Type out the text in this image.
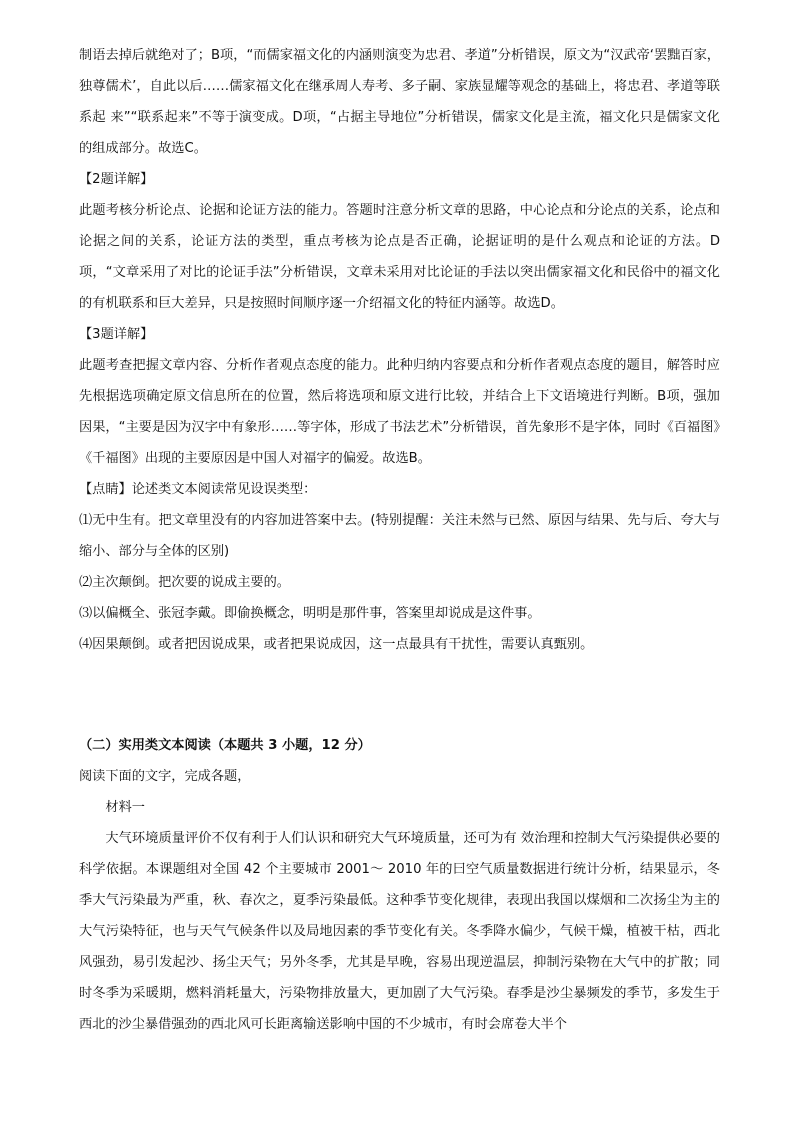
制语去掉后就绝对了；B项，“而儒家福文化的内涵则演变为忠君、孝道”分析错误，原文为“汉武帝‘罢黜百家，独尊儒术’，自此以后……儒家福文化在继承周人寿考、多子嗣、家族显耀等观念的基础上，将忠君、孝道等联系起 来”“联系起来”不等于演变成。D项，“占据主导地位”分析错误，儒家文化是主流，福文化只是儒家文化的组成部分。故选C。

【2题详解】

此题考核分析论点、论据和论证方法的能力。答题时注意分析文章的思路，中心论点和分论点的关系，论点和论据之间的关系，论证方法的类型，重点考核为论点是否正确，论据证明的是什么观点和论证的方法。D项，“文章采用了对比的论证手法”分析错误，文章未采用对比论证的手法以突出儒家福文化和民俗中的福文化的有机联系和巨大差异，只是按照时间顺序逐一介绍福文化的特征内涵等。故选D。

【3题详解】

此题考查把握文章内容、分析作者观点态度的能力。此种归纳内容要点和分析作者观点态度的题目，解答时应先根据选项确定原文信息所在的位置，然后将选项和原文进行比较，并结合上下文语境进行判断。B项，强加因果，“主要是因为汉字中有象形……等字体，形成了书法艺术”分析错误，首先象形不是字体，同时《百福图》《千福图》出现的主要原因是中国人对福字的偏爱。故选B。

【点睛】论述类文本阅读常见设误类型：

⑴无中生有。把文章里没有的内容加进答案中去。(特别提醒：关注未然与已然、原因与结果、先与后、夸大与缩小、部分与全体的区别)

⑵主次颠倒。把次要的说成主要的。

⑶以偏概全、张冠李戴。即偷换概念，明明是那件事，答案里却说成是这件事。

⑷因果颠倒。或者把因说成果，或者把果说成因，这一点最具有干扰性，需要认真甄别。

（二）实用类文本阅读（本题共 3 小题，12 分）

阅读下面的文字，完成各题，

材料一

大气环境质量评价不仅有利于人们认识和研究大气环境质量，还可为有 效治理和控制大气污染提供必要的科学依据。本课题组对全国 42 个主要城市 2001～ 2010 年的曰空气质量数据进行统计分析，结果显示，冬季大气污染最为严重，秋、春次之，夏季污染最低。这种季节变化规律，表现出我国以煤烟和二次扬尘为主的大气污染特征，也与天气气候条件以及局地因素的季节变化有关。冬季降水偏少，气候干燥，植被干枯，西北风强劲，易引发起沙、扬尘天气；另外冬季，尤其是早晚，容易出现逆温层，抑制污染物在大气中的扩散；同时冬季为采暖期，燃料消耗量大，污染物排放量大，更加剧了大气污染。春季是沙尘暴频发的季节，多发生于西北的沙尘暴借强劲的西北风可长距离输送影响中国的不少城市，有时会席卷大半个
